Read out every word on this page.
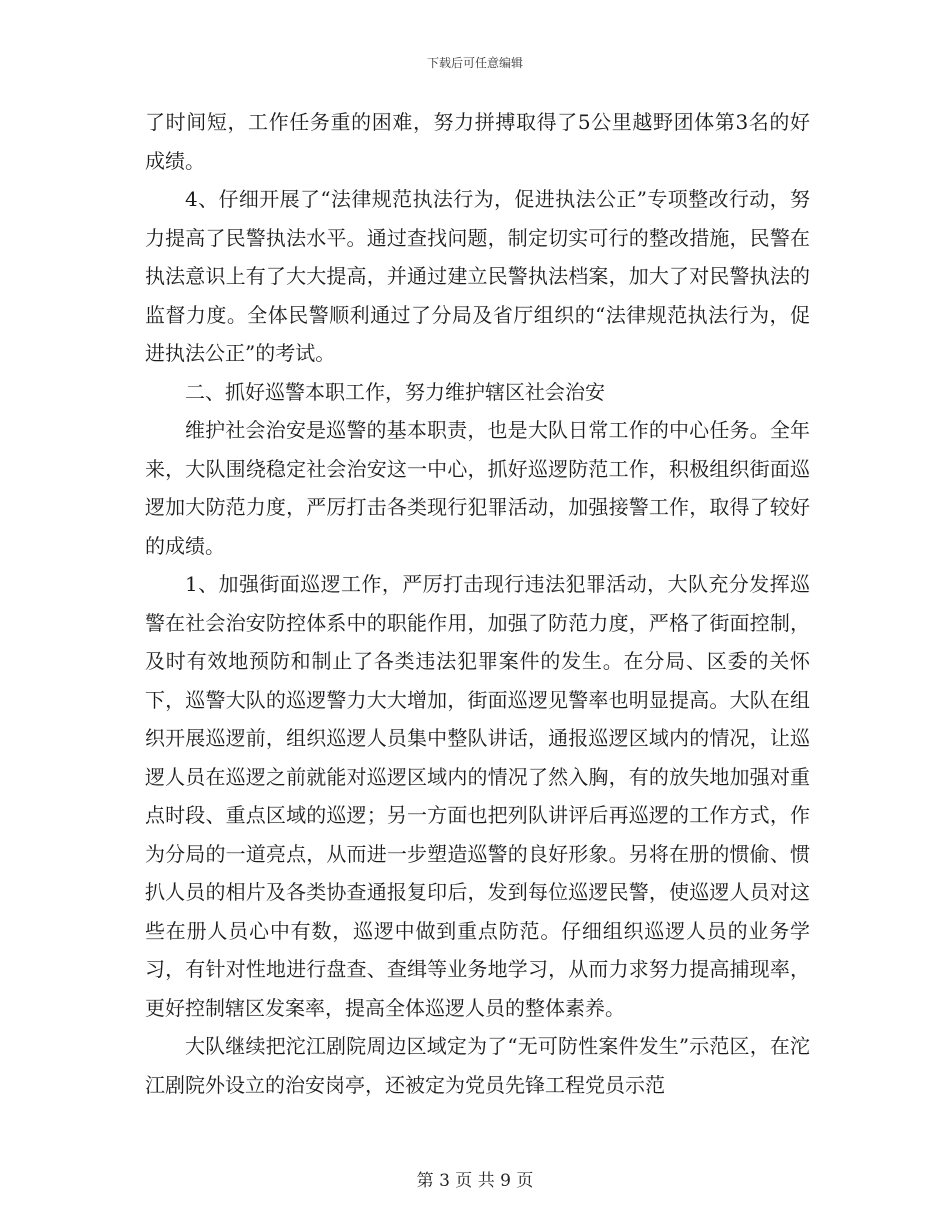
下载后可任意编辑

了时间短，工作任务重的困难，努力拼搏取得了5公里越野团体第3名的好成绩。

4、仔细开展了“法律规范执法行为，促进执法公正”专项整改行动，努力提高了民警执法水平。通过查找问题，制定切实可行的整改措施，民警在执法意识上有了大大提高，并通过建立民警执法档案，加大了对民警执法的监督力度。全体民警顺利通过了分局及省厅组织的“法律规范执法行为，促进执法公正”的考试。

二、抓好巡警本职工作，努力维护辖区社会治安

维护社会治安是巡警的基本职责，也是大队日常工作的中心任务。全年来，大队围绕稳定社会治安这一中心，抓好巡逻防范工作，积极组织街面巡逻加大防范力度，严厉打击各类现行犯罪活动，加强接警工作，取得了较好的成绩。

1、加强街面巡逻工作，严厉打击现行违法犯罪活动，大队充分发挥巡警在社会治安防控体系中的职能作用，加强了防范力度，严格了街面控制，及时有效地预防和制止了各类违法犯罪案件的发生。在分局、区委的关怀下，巡警大队的巡逻警力大大增加，街面巡逻见警率也明显提高。大队在组织开展巡逻前，组织巡逻人员集中整队讲话，通报巡逻区域内的情况，让巡逻人员在巡逻之前就能对巡逻区域内的情况了然入胸，有的放失地加强对重点时段、重点区域的巡逻；另一方面也把列队讲评后再巡逻的工作方式，作为分局的一道亮点，从而进一步塑造巡警的良好形象。另将在册的惯偷、惯扒人员的相片及各类协查通报复印后，发到每位巡逻民警，使巡逻人员对这些在册人员心中有数，巡逻中做到重点防范。仔细组织巡逻人员的业务学习，有针对性地进行盘查、查缉等业务地学习，从而力求努力提高捕现率，更好控制辖区发案率，提高全体巡逻人员的整体素养。

大队继续把沱江剧院周边区域定为了“无可防性案件发生”示范区，在沱江剧院外设立的治安岗亭，还被定为党员先锋工程党员示范

第 3 页 共 9 页
